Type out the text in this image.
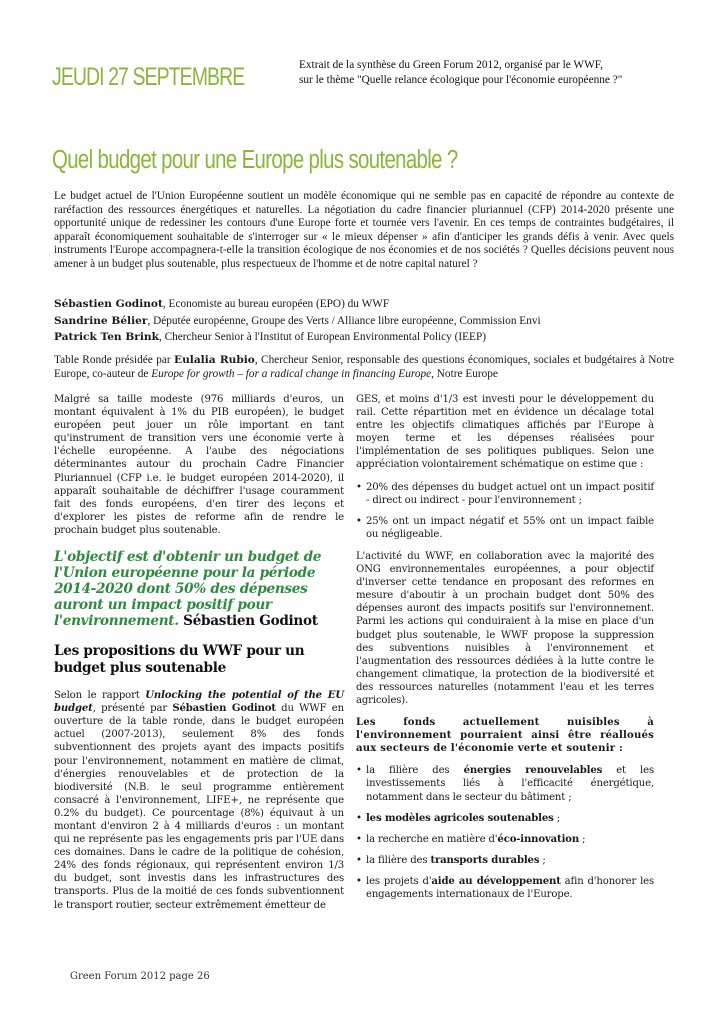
JEUDI 27 SEPTEMBRE	Extrait de la synthèse du Green Forum 2012, organisé par le WWF,
sur le thème "Quelle relance écologique pour l'économie européenne ?"
Quel budget pour une Europe plus soutenable ?
Le budget actuel de l'Union Européenne soutient un modèle économique qui ne semble pas en capacité de répondre au contexte de raréfaction des ressources énergétiques et naturelles. La négotiation du cadre financier pluriannuel (CFP) 2014-2020 présente une opportunité unique de redessiner les contours d'une Europe forte et tournée vers l'avenir. En ces temps de contraintes budgétaires, il apparaît économiquement souhaitable de s'interroger sur « le mieux dépenser » afin d'anticiper les grands défis à venir. Avec quels instruments l'Europe accompagnera-t-elle la transition écologique de nos économies et de nos sociétés ? Quelles décisions peuvent nous amener à un budget plus soutenable, plus respectueux de l'homme et de notre capital naturel ?
Sébastien Godinot, Economiste au bureau européen (EPO) du WWF
Sandrine Bélier, Députée européenne, Groupe des Verts / Alliance libre européenne, Commission Envi
Patrick Ten Brink, Chercheur Senior à l'Institut of European Environmental Policy (IEEP)
Table Ronde présidée par Eulalia Rubio, Chercheur Senior, responsable des questions économiques, sociales et budgétaires à Notre Europe, co-auteur de Europe for growth – for a radical change in financing Europe, Notre Europe

Malgré sa taille modeste (976 milliards d'euros, un montant équivalent à 1% du PIB européen), le budget européen peut jouer un rôle important en tant qu'instrument de transition vers une économie verte à l'échelle européenne. A l'aube des négociations déterminantes autour du prochain Cadre Financier Pluriannuel (CFP i.e. le budget européen 2014-2020), il apparaît souhaitable de déchiffrer l'usage couramment fait des fonds européens, d'en tirer des leçons et d'explorer les pistes de reforme afin de rendre le prochain budget plus soutenable.

L'objectif est d'obtenir un budget de l'Union européenne pour la période 2014-2020 dont 50% des dépenses auront un impact positif pour l'environnement. Sébastien Godinot
Les propositions du WWF pour un budget plus soutenable

Selon le rapport Unlocking the potential of the EU budget, présenté par Sébastien Godinot du WWF en ouverture de la table ronde, dans le budget européen actuel (2007-2013), seulement 8% des fonds subventionnent des projets ayant des impacts positifs pour l'environnement, notamment en matière de climat, d'énergies renouvelables et de protection de la biodiversité (N.B. le seul programme entièrement consacré à l'environnement, LIFE+, ne représente que 0.2% du budget). Ce pourcentage (8%) équivaut à un montant d'environ 2 à 4 milliards d'euros : un montant qui ne représente pas les engagements pris par l'UE dans ces domaines. Dans le cadre de la politique de cohésion, 24% des fonds régionaux, qui représentent environ 1/3 du budget, sont investis dans les infrastructures des transports. Plus de la moitié de ces fonds subventionnent le transport routier, secteur extrêmement émetteur de

GES, et moins d'1/3 est investi pour le développement du rail. Cette répartition met en évidence un décalage total entre les objectifs climatiques affichés par l'Europe à moyen terme et les dépenses réalisées pour l'implémentation de ses politiques publiques. Selon une appréciation volontairement schématique on estime que :

• 20% des dépenses du budget actuel ont un impact positif - direct ou indirect - pour l'environnement ;
• 25% ont un impact négatif et 55% ont un impact faible ou négligeable.

L'activité du WWF, en collaboration avec la majorité des ONG environnementales européennes, a pour objectif d'inverser cette tendance en proposant des reformes en mesure d'aboutir à un prochain budget dont 50% des dépenses auront des impacts positifs sur l'environnement. Parmi les actions qui conduiraient à la mise en place d'un budget plus soutenable, le WWF propose la suppression des subventions nuisibles à l'environnement et l'augmentation des ressources dédiées à la lutte contre le changement climatique, la protection de la biodiversité et des ressources naturelles (notamment l'eau et les terres agricoles).

Les fonds actuellement nuisibles à l'environnement pourraient ainsi être réalloués aux secteurs de l'économie verte et soutenir :

• la filière des énergies renouvelables et les investissements liés à l'efficacité énergétique, notamment dans le secteur du bâtiment ;
• les modèles agricoles soutenables ;
• la recherche en matière d'éco-innovation ;
• la filière des transports durables ;
• les projets d'aide au développement afin d'honorer les engagements internationaux de l'Europe.
Green Forum 2012 page 26
